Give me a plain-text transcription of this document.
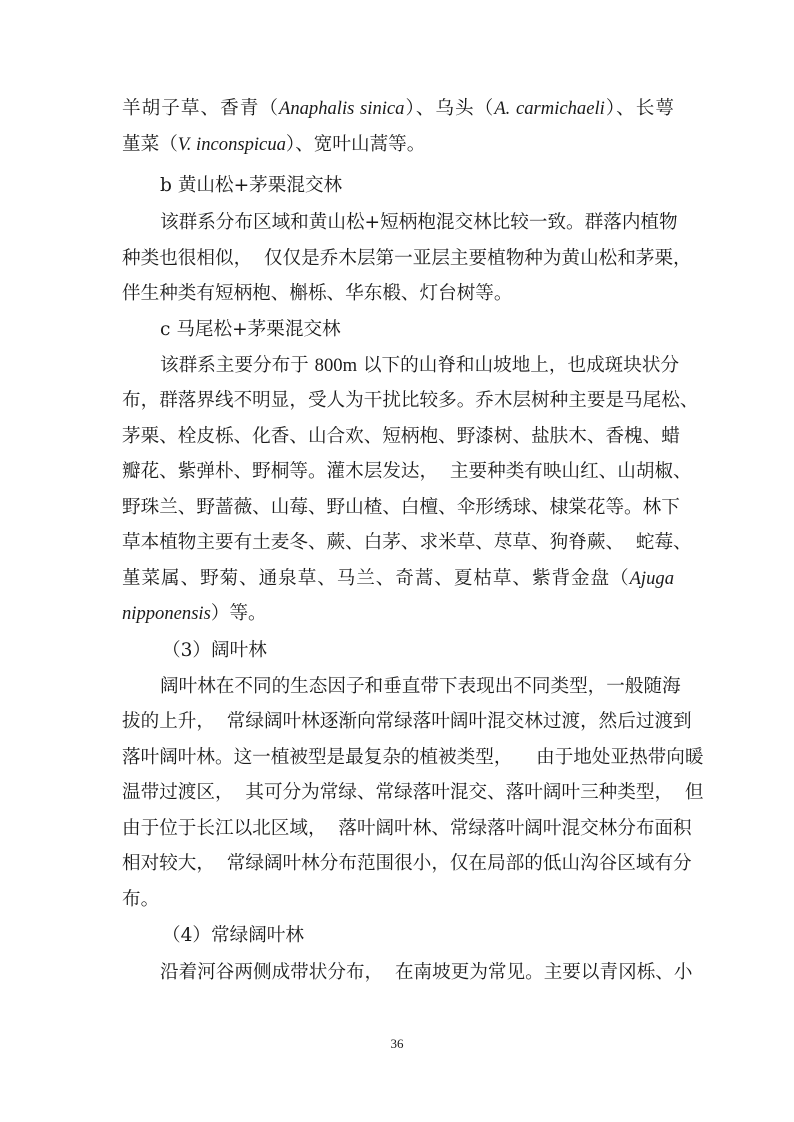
羊胡子草、香青（Anaphalis sinica）、乌头（A. carmichaeli）、长萼
堇菜（V. inconspicua）、宽叶山蒿等。
b 黄山松+茅栗混交林
该群系分布区域和黄山松+短柄枹混交林比较一致。群落内植物
种类也很相似，  仅仅是乔木层第一亚层主要植物种为黄山松和茅栗，
伴生种类有短柄枹、槲栎、华东椴、灯台树等。
c 马尾松+茅栗混交林
该群系主要分布于 800m 以下的山脊和山坡地上，也成斑块状分
布，群落界线不明显，受人为干扰比较多。乔木层树种主要是马尾松、
茅栗、栓皮栎、化香、山合欢、短柄枹、野漆树、盐肤木、香槐、蜡
瓣花、紫弹朴、野桐等。灌木层发达，  主要种类有映山红、山胡椒、
野珠兰、野蔷薇、山莓、野山楂、白檀、伞形绣球、棣棠花等。林下
草本植物主要有土麦冬、蕨、白茅、求米草、荩草、狗脊蕨、  蛇莓、
堇菜属、野菊、通泉草、马兰、奇蒿、夏枯草、紫背金盘（Ajuga
nipponensis）等。
（3）阔叶林
阔叶林在不同的生态因子和垂直带下表现出不同类型，一般随海
拔的上升，  常绿阔叶林逐渐向常绿落叶阔叶混交林过渡，然后过渡到
落叶阔叶林。这一植被型是最复杂的植被类型，    由于地处亚热带向暖
温带过渡区，  其可分为常绿、常绿落叶混交、落叶阔叶三种类型，  但
由于位于长江以北区域，  落叶阔叶林、常绿落叶阔叶混交林分布面积
相对较大，  常绿阔叶林分布范围很小，仅在局部的低山沟谷区域有分
布。
（4）常绿阔叶林
沿着河谷两侧成带状分布，  在南坡更为常见。主要以青冈栎、小
36
